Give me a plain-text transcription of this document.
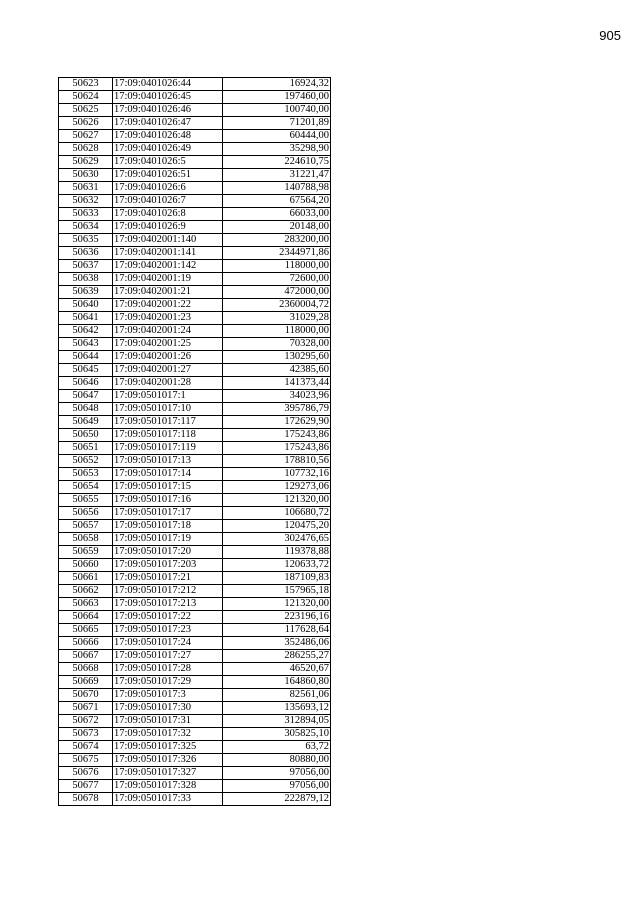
905
50623	17:09:0401026:44	16924,32
50624	17:09:0401026:45	197460,00
50625	17:09:0401026:46	100740,00
50626	17:09:0401026:47	71201,89
50627	17:09:0401026:48	60444,00
50628	17:09:0401026:49	35298,90
50629	17:09:0401026:5	224610,75
50630	17:09:0401026:51	31221,47
50631	17:09:0401026:6	140788,98
50632	17:09:0401026:7	67564,20
50633	17:09:0401026:8	66033,00
50634	17:09:0401026:9	20148,00
50635	17:09:0402001:140	283200,00
50636	17:09:0402001:141	2344971,86
50637	17:09:0402001:142	118000,00
50638	17:09:0402001:19	72600,00
50639	17:09:0402001:21	472000,00
50640	17:09:0402001:22	2360004,72
50641	17:09:0402001:23	31029,28
50642	17:09:0402001:24	118000,00
50643	17:09:0402001:25	70328,00
50644	17:09:0402001:26	130295,60
50645	17:09:0402001:27	42385,60
50646	17:09:0402001:28	141373,44
50647	17:09:0501017:1	34023,96
50648	17:09:0501017:10	395786,79
50649	17:09:0501017:117	172629,90
50650	17:09:0501017:118	175243,86
50651	17:09:0501017:119	175243,86
50652	17:09:0501017:13	178810,56
50653	17:09:0501017:14	107732,16
50654	17:09:0501017:15	129273,06
50655	17:09:0501017:16	121320,00
50656	17:09:0501017:17	106680,72
50657	17:09:0501017:18	120475,20
50658	17:09:0501017:19	302476,65
50659	17:09:0501017:20	119378,88
50660	17:09:0501017:203	120633,72
50661	17:09:0501017:21	187109,83
50662	17:09:0501017:212	157965,18
50663	17:09:0501017:213	121320,00
50664	17:09:0501017:22	223196,16
50665	17:09:0501017:23	117628,64
50666	17:09:0501017:24	352486,06
50667	17:09:0501017:27	286255,27
50668	17:09:0501017:28	46520,67
50669	17:09:0501017:29	164860,80
50670	17:09:0501017:3	82561,06
50671	17:09:0501017:30	135693,12
50672	17:09:0501017:31	312894,05
50673	17:09:0501017:32	305825,10
50674	17:09:0501017:325	63,72
50675	17:09:0501017:326	80880,00
50676	17:09:0501017:327	97056,00
50677	17:09:0501017:328	97056,00
50678	17:09:0501017:33	222879,12
